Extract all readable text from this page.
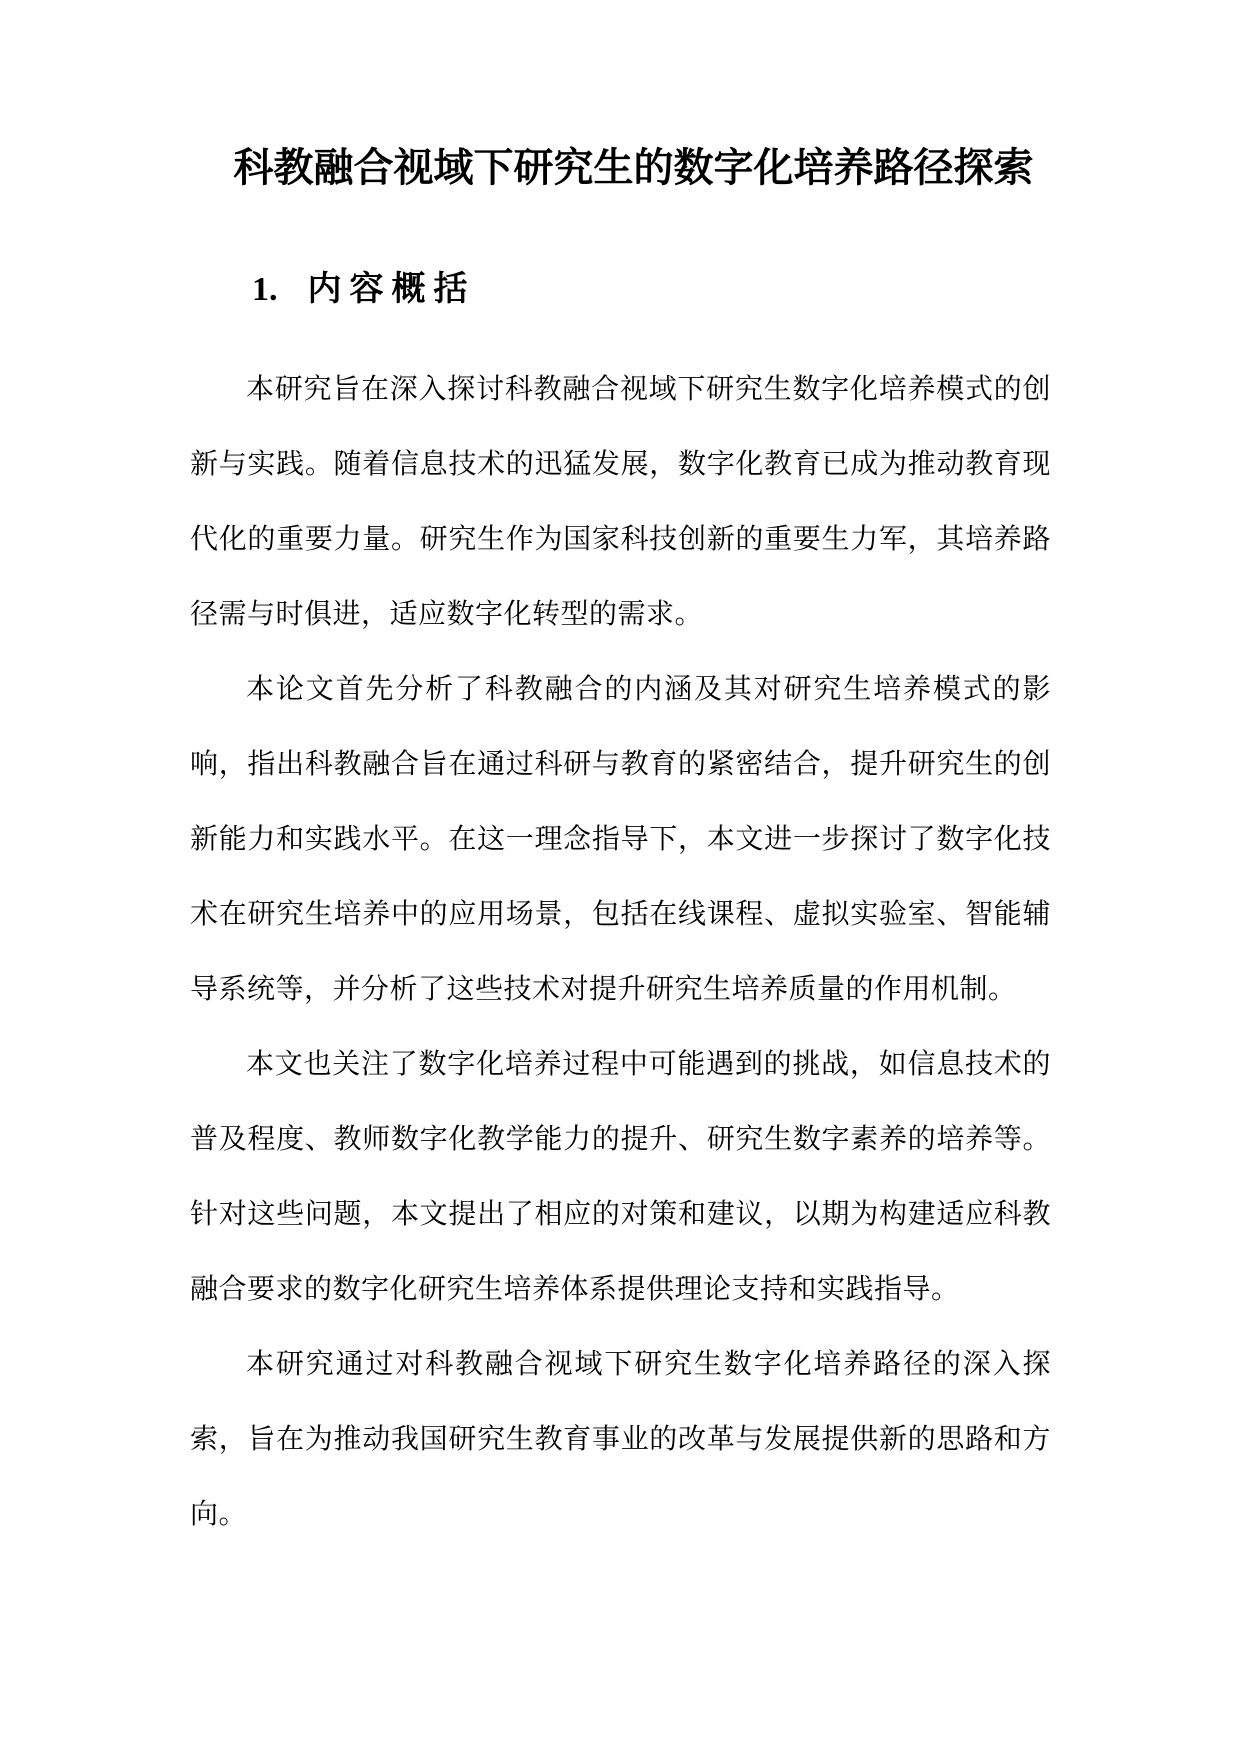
科教融合视域下研究生的数字化培养路径探索
1. 内容概括

本研究旨在深入探讨科教融合视域下研究生数字化培养模式的创新与实践。随着信息技术的迅猛发展，数字化教育已成为推动教育现代化的重要力量。研究生作为国家科技创新的重要生力军，其培养路径需与时俱进，适应数字化转型的需求。

本论文首先分析了科教融合的内涵及其对研究生培养模式的影响，指出科教融合旨在通过科研与教育的紧密结合，提升研究生的创新能力和实践水平。在这一理念指导下，本文进一步探讨了数字化技术在研究生培养中的应用场景，包括在线课程、虚拟实验室、智能辅导系统等，并分析了这些技术对提升研究生培养质量的作用机制。

本文也关注了数字化培养过程中可能遇到的挑战，如信息技术的普及程度、教师数字化教学能力的提升、研究生数字素养的培养等。针对这些问题，本文提出了相应的对策和建议，以期为构建适应科教融合要求的数字化研究生培养体系提供理论支持和实践指导。

本研究通过对科教融合视域下研究生数字化培养路径的深入探索，旨在为推动我国研究生教育事业的改革与发展提供新的思路和方向。
